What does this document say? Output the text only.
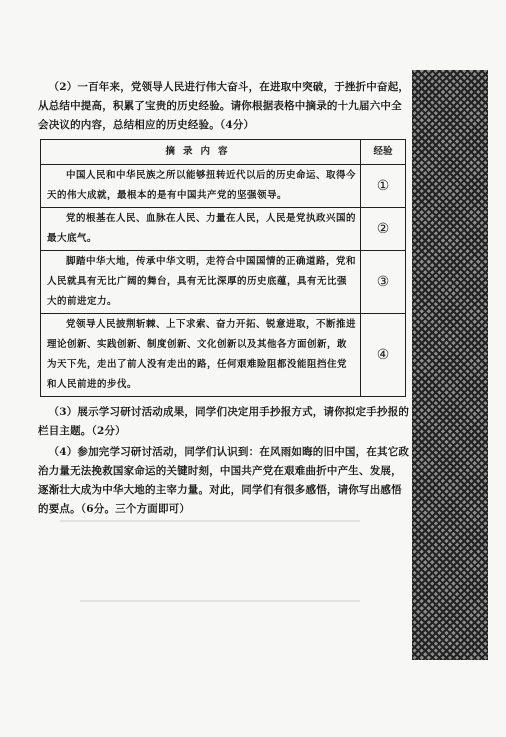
（2）一百年来，党领导人民进行伟大奋斗，在进取中突破，于挫折中奋起，从总结中提高，积累了宝贵的历史经验。请你根据表格中摘录的十九届六中全会决议的内容，总结相应的历史经验。（4分）

摘录内容	经验
中国人民和中华民族之所以能够扭转近代以后的历史命运、取得今天的伟大成就，最根本的是有中国共产党的坚强领导。	①
党的根基在人民、血脉在人民、力量在人民，人民是党执政兴国的最大底气。	②
脚踏中华大地，传承中华文明，走符合中国国情的正确道路，党和人民就具有无比广阔的舞台，具有无比深厚的历史底蕴，具有无比强大的前进定力。	③
党领导人民披荆斩棘、上下求索、奋力开拓、锐意进取，不断推进理论创新、实践创新、制度创新、文化创新以及其他各方面创新，敢为天下先，走出了前人没有走出的路，任何艰难险阻都没能阻挡住党和人民前进的步伐。	④

（3）展示学习研讨活动成果，同学们决定用手抄报方式，请你拟定手抄报的栏目主题。（2分）

（4）参加完学习研讨活动，同学们认识到：在风雨如晦的旧中国，在其它政治力量无法挽救国家命运的关键时刻，中国共产党在艰难曲折中产生、发展，逐渐壮大成为中华大地的主宰力量。对此，同学们有很多感悟，请你写出感悟的要点。（6分。三个方面即可）
